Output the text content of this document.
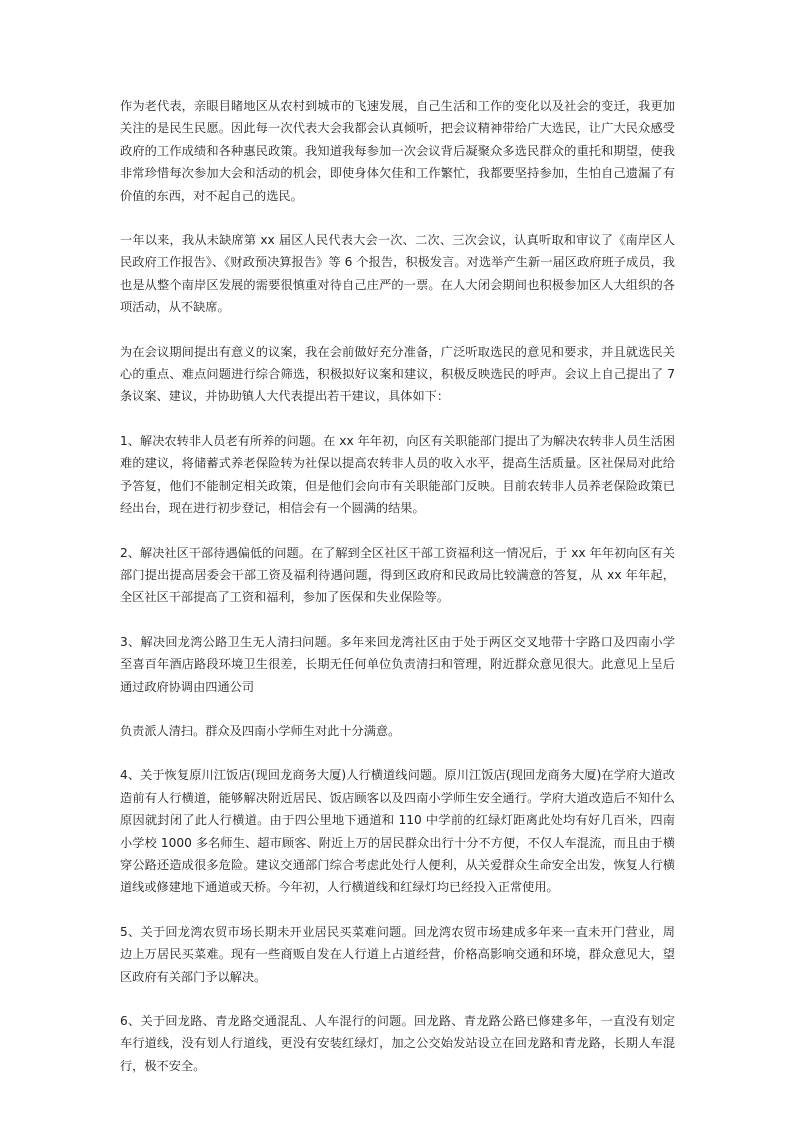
作为老代表，亲眼目睹地区从农村到城市的飞速发展，自己生活和工作的变化以及社会的变迁，我更加关注的是民生民愿。因此每一次代表大会我都会认真倾听，把会议精神带给广大选民，让广大民众感受政府的工作成绩和各种惠民政策。我知道我每参加一次会议背后凝聚众多选民群众的重托和期望，使我非常珍惜每次参加大会和活动的机会，即使身体欠佳和工作繁忙，我都要坚持参加，生怕自己遗漏了有价值的东西，对不起自己的选民。

一年以来，我从未缺席第 xx 届区人民代表大会一次、二次、三次会议，认真听取和审议了《南岸区人民政府工作报告》、《财政预决算报告》等 6 个报告，积极发言。对选举产生新一届区政府班子成员，我也是从整个南岸区发展的需要很慎重对待自己庄严的一票。在人大闭会期间也积极参加区人大组织的各项活动，从不缺席。

为在会议期间提出有意义的议案，我在会前做好充分准备，广泛听取选民的意见和要求，并且就选民关心的重点、难点问题进行综合筛选，积极拟好议案和建议，积极反映选民的呼声。会议上自己提出了 7 条议案、建议，并协助镇人大代表提出若干建议，具体如下：

1、解决农转非人员老有所养的问题。在 xx 年年初，向区有关职能部门提出了为解决农转非人员生活困难的建议，将储蓄式养老保险转为社保以提高农转非人员的收入水平，提高生活质量。区社保局对此给予答复，他们不能制定相关政策，但是他们会向市有关职能部门反映。目前农转非人员养老保险政策已经出台，现在进行初步登记，相信会有一个圆满的结果。

2、解决社区干部待遇偏低的问题。在了解到全区社区干部工资福利这一情况后，于 xx 年年初向区有关部门提出提高居委会干部工资及福利待遇问题，得到区政府和民政局比较满意的答复，从 xx 年年起，全区社区干部提高了工资和福利，参加了医保和失业保险等。

3、解决回龙湾公路卫生无人清扫问题。多年来回龙湾社区由于处于两区交叉地带十字路口及四南小学至喜百年酒店路段环境卫生很差，长期无任何单位负责清扫和管理，附近群众意见很大。此意见上呈后通过政府协调由四通公司

负责派人清扫。群众及四南小学师生对此十分满意。

4、关于恢复原川江饭店(现回龙商务大厦)人行横道线问题。原川江饭店(现回龙商务大厦)在学府大道改造前有人行横道，能够解决附近居民、饭店顾客以及四南小学师生安全通行。学府大道改造后不知什么原因就封闭了此人行横道。由于四公里地下通道和 110 中学前的红绿灯距离此处均有好几百米，四南小学校 1000 多名师生、超市顾客、附近上万的居民群众出行十分不方便，不仅人车混流，而且由于横穿公路还造成很多危险。建议交通部门综合考虑此处行人便利，从关爱群众生命安全出发，恢复人行横道线或修建地下通道或天桥。今年初，人行横道线和红绿灯均已经投入正常使用。

5、关于回龙湾农贸市场长期未开业居民买菜难问题。回龙湾农贸市场建成多年来一直未开门营业，周边上万居民买菜难。现有一些商贩自发在人行道上占道经营，价格高影响交通和环境，群众意见大，望区政府有关部门予以解决。

6、关于回龙路、青龙路交通混乱、人车混行的问题。回龙路、青龙路公路已修建多年，一直没有划定车行道线，没有划人行道线，更没有安装红绿灯，加之公交始发站设立在回龙路和青龙路，长期人车混行，极不安全。
